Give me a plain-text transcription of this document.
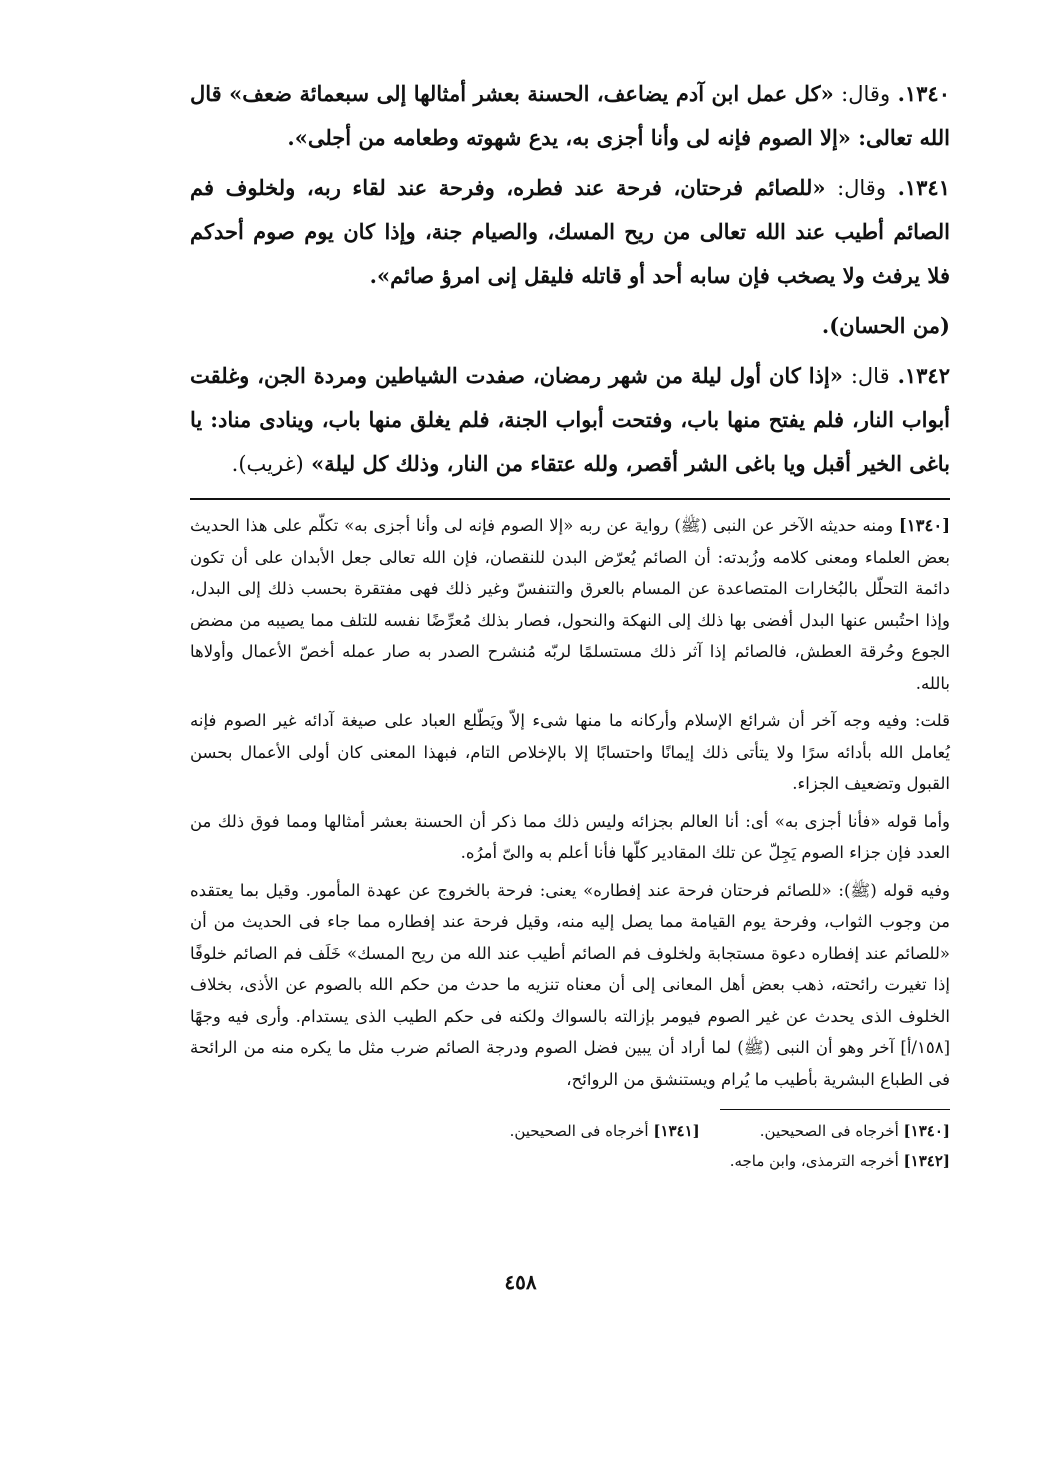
١٣٤٠. وقال: «كل عمل ابن آدم يضاعف، الحسنة بعشر أمثالها إلى سبعمائة ضعف» قال الله تعالى: «إلا الصوم فإنه لى وأنا أجزى به، يدع شهوته وطعامه من أجلى».

١٣٤١. وقال: «للصائم فرحتان، فرحة عند فطره، وفرحة عند لقاء ربه، ولخلوف فم الصائم أطيب عند الله تعالى من ريح المسك، والصيام جنة، وإذا كان يوم صوم أحدكم فلا يرفث ولا يصخب فإن سابه أحد أو قاتله فليقل إنى امرؤ صائم».

(من الحسان).

١٣٤٢. قال: «إذا كان أول ليلة من شهر رمضان، صفدت الشياطين ومردة الجن، وغلقت أبواب النار، فلم يفتح منها باب، وفتحت أبواب الجنة، فلم يغلق منها باب، وينادى مناد: يا باغى الخير أقبل ويا باغى الشر أقصر، ولله عتقاء من النار، وذلك كل ليلة» (غريب).

[١٣٤٠] ومنه حديثه الآخر عن النبى (ﷺ) رواية عن ربه «إلا الصوم فإنه لى وأنا أجزى به» تكلّم على هذا الحديث بعض العلماء ومعنى كلامه وزُبدته: أن الصائم يُعرّض البدن للنقصان، فإن الله تعالى جعل الأبدان على أن تكون دائمة التحلّل بالبُخارات المتصاعدة عن المسام بالعرق والتنفسّ وغير ذلك فهى مفتقرة بحسب ذلك إلى البدل، وإذا احتُبس عنها البدل أفضى بها ذلك إلى النهكة والنحول، فصار بذلك مُعرِّضًا نفسه للتلف مما يصيبه من مضض الجوع وحُرقة العطش، فالصائم إذا آثر ذلك مستسلمًا لربّه مُنشرح الصدر به صار عمله أخصّ الأعمال وأولاها بالله.

قلت: وفيه وجه آخر أن شرائع الإسلام وأركانه ما منها شىء إلاّ ويَطّلع العباد على صيغة آدائه غير الصوم فإنه يُعامل الله بأدائه سرًا ولا يتأتى ذلك إيمانًا واحتسابًا إلا بالإخلاص التام، فبهذا المعنى كان أولى الأعمال بحسن القبول وتضعيف الجزاء.

وأما قوله «فأنا أجزى به» أى: أنا العالم بجزائه وليس ذلك مما ذكر أن الحسنة بعشر أمثالها ومما فوق ذلك من العدد فإن جزاء الصوم يَجِلّ عن تلك المقادير كلّها فأنا أعلم به والىّ أمرُه.

وفيه قوله (ﷺ): «للصائم فرحتان فرحة عند إفطاره» يعنى: فرحة بالخروج عن عهدة المأمور. وقيل بما يعتقده من وجوب الثواب، وفرحة يوم القيامة مما يصل إليه منه، وقيل فرحة عند إفطاره مما جاء فى الحديث من أن «للصائم عند إفطاره دعوة مستجابة ولخلوف فم الصائم أطيب عند الله من ريح المسك» خَلَف فم الصائم خلوفًا إذا تغيرت رائحته، ذهب بعض أهل المعانى إلى أن معناه تنزيه ما حدث من حكم الله بالصوم عن الأذى، بخلاف الخلوف الذى يحدث عن غير الصوم فيومر بإزالته بالسواك ولكنه فى حكم الطيب الذى يستدام. وأرى فيه وجهًا [١٥٨/أ] آخر وهو أن النبى (ﷺ) لما أراد أن يبين فضل الصوم ودرجة الصائم ضرب مثل ما يكره منه من الرائحة فى الطباع البشرية بأطيب ما يُرام ويستنشق من الروائح،

[١٣٤٠] أخرجاه فى الصحيحين.
[١٣٤١] أخرجاه فى الصحيحين.
[١٣٤٢] أخرجه الترمذى، وابن ماجه.
٤٥٨
